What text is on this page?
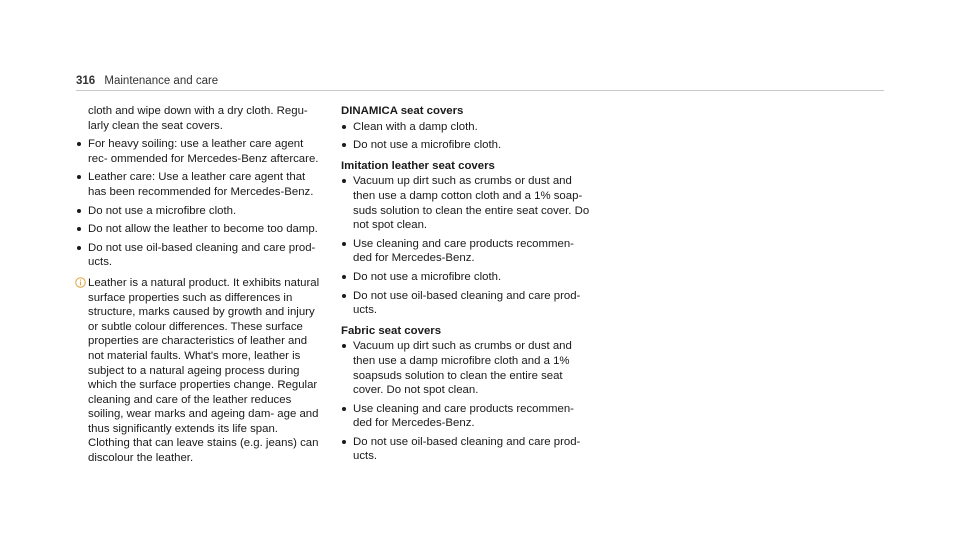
316 Maintenance and care
cloth and wipe down with a dry cloth. Regu- larly clean the seat covers.
For heavy soiling: use a leather care agent rec- ommended for Mercedes-Benz aftercare.
Leather care: Use a leather care agent that has been recommended for Mercedes-Benz.
Do not use a microfibre cloth.
Do not allow the leather to become too damp.
Do not use oil-based cleaning and care prod- ucts.
Leather is a natural product. It exhibits natural surface properties such as differences in structure, marks caused by growth and injury or subtle colour differences. These surface properties are characteristics of leather and not material faults. What's more, leather is subject to a natural ageing process during which the surface properties change. Regular cleaning and care of the leather reduces soiling, wear marks and ageing dam- age and thus significantly extends its life span. Clothing that can leave stains (e.g. jeans) can discolour the leather.
DINAMICA seat covers
Clean with a damp cloth.
Do not use a microfibre cloth.
Imitation leather seat covers
Vacuum up dirt such as crumbs or dust and then use a damp cotton cloth and a 1% soap- suds solution to clean the entire seat cover. Do not spot clean.
Use cleaning and care products recommen- ded for Mercedes-Benz.
Do not use a microfibre cloth.
Do not use oil-based cleaning and care prod- ucts.
Fabric seat covers
Vacuum up dirt such as crumbs or dust and then use a damp microfibre cloth and a 1% soapsuds solution to clean the entire seat cover. Do not spot clean.
Use cleaning and care products recommen- ded for Mercedes-Benz.
Do not use oil-based cleaning and care prod- ucts.
